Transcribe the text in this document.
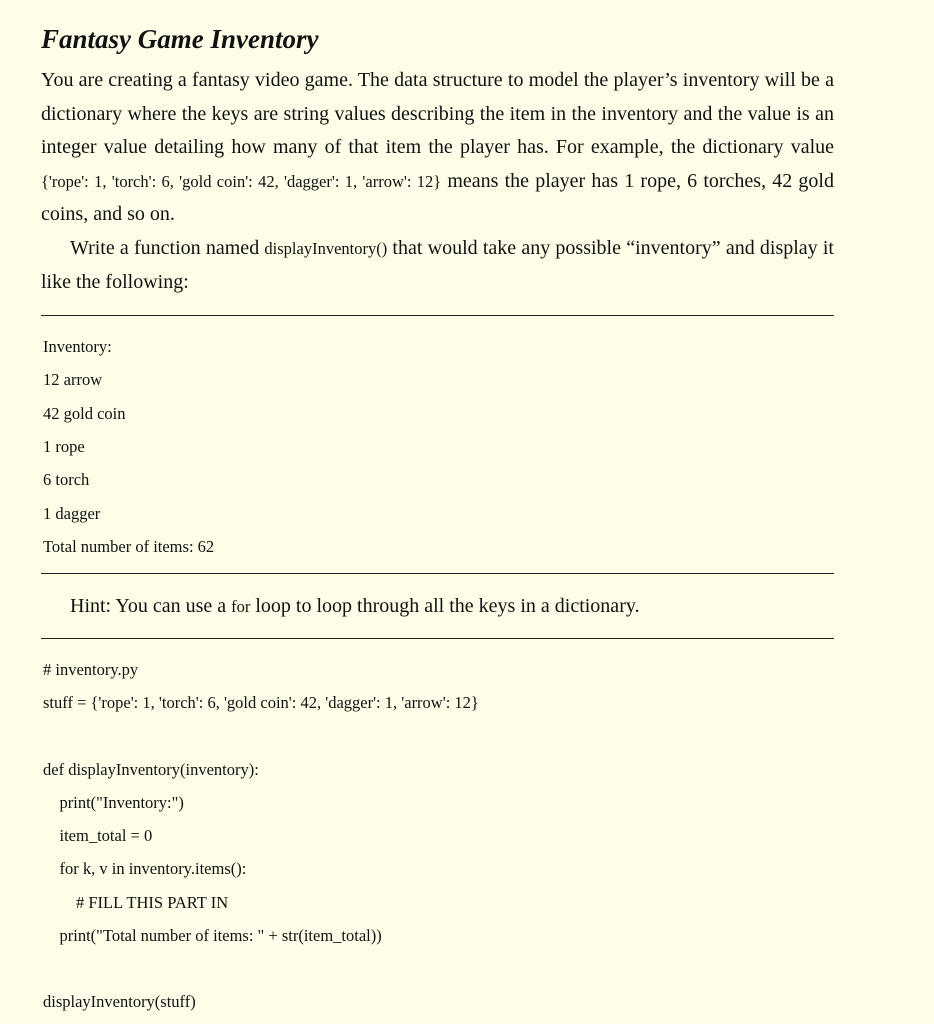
Fantasy Game Inventory

You are creating a fantasy video game. The data structure to model the player’s inventory will be a dictionary where the keys are string values describing the item in the inventory and the value is an integer value detailing how many of that item the player has. For example, the dictionary value {'rope': 1, 'torch': 6, 'gold coin': 42, 'dagger': 1, 'arrow': 12} means the player has 1 rope, 6 torches, 42 gold coins, and so on.

Write a function named displayInventory() that would take any possible “inventory” and display it like the following:

Inventory:
12 arrow
42 gold coin
1 rope
6 torch
1 dagger
Total number of items: 62
Hint: You can use a for loop to loop through all the keys in a dictionary.
# inventory.py
stuff = {'rope': 1, 'torch': 6, 'gold coin': 42, 'dagger': 1, 'arrow': 12}
def displayInventory(inventory):
print("Inventory:")
item_total = 0
for k, v in inventory.items():
# FILL THIS PART IN
print("Total number of items: " + str(item_total))
displayInventory(stuff)
